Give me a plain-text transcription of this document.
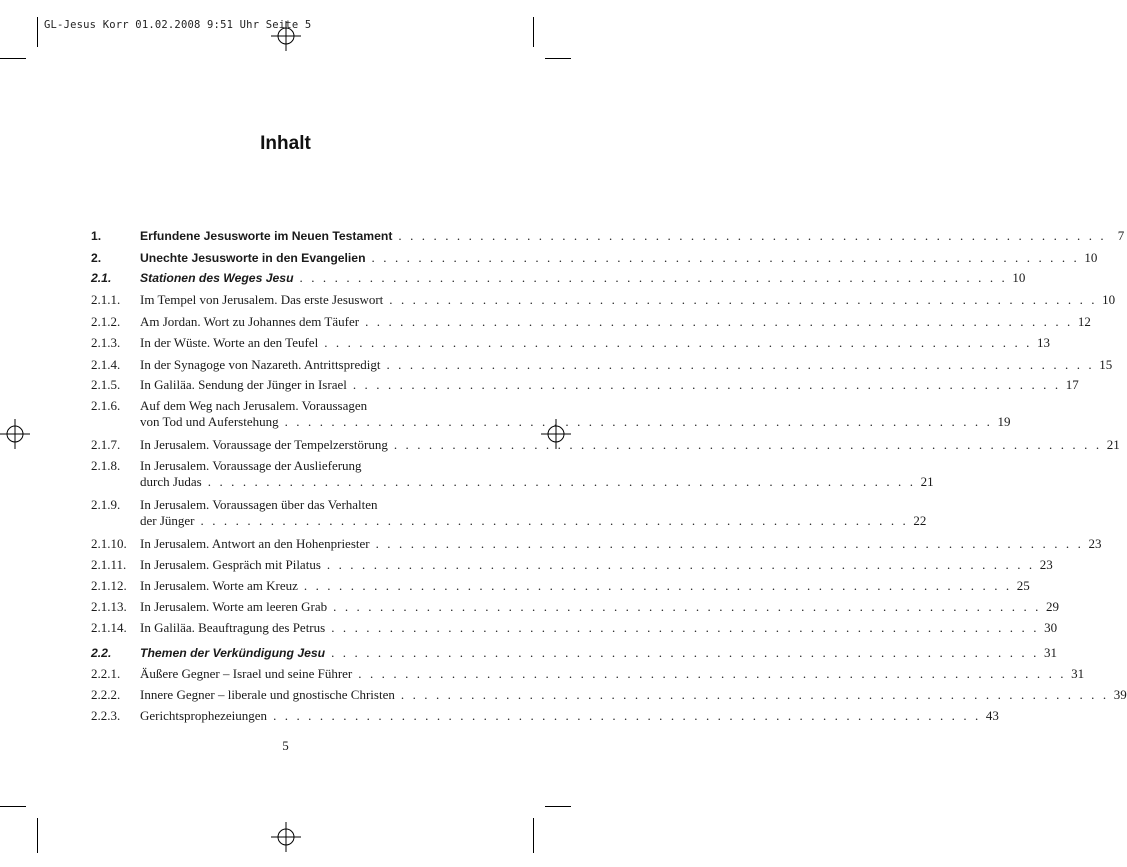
GL-Jesus Korr 01.02.2008 9:51 Uhr Seite 5
Inhalt
1.	Erfundene Jesusworte im Neuen Testament . . . . . . . . . . . . . . . . . . . . . . . . . . . . . . . . . . . . . . . . . . . . . . . . . . . . . . . . . . . . . 7
2.	Unechte Jesusworte in den Evangelien . . . . . . . . . . . . . . . . . . . . . . . . . . . . . . . . . . . . . . . . . . . . . . . . . . . . . . . . . . . . . 10
2.1.	Stationen des Weges Jesu . . . . . . . . . . . . . . . . . . . . . . . . . . . . . . . . . . . . . . . . . . . . . . . . . . . . . . . . . . . . . 10
2.1.1.	Im Tempel von Jerusalem. Das erste Jesuswort . . . . . . . . . . . . . . . . . . . . . . . . . . . . . . . . . . . . . . . . . . . . . . . . . . . . . . . . . . . . . 10
2.1.2.	Am Jordan. Wort zu Johannes dem Täufer . . . . . . . . . . . . . . . . . . . . . . . . . . . . . . . . . . . . . . . . . . . . . . . . . . . . . . . . . . . . . 12
2.1.3.	In der Wüste. Worte an den Teufel . . . . . . . . . . . . . . . . . . . . . . . . . . . . . . . . . . . . . . . . . . . . . . . . . . . . . . . . . . . . . 13
2.1.4.	In der Synagoge von Nazareth. Antrittspredigt . . . . . . . . . . . . . . . . . . . . . . . . . . . . . . . . . . . . . . . . . . . . . . . . . . . . . . . . . . . . . 15
2.1.5.	In Galiläa. Sendung der Jünger in Israel . . . . . . . . . . . . . . . . . . . . . . . . . . . . . . . . . . . . . . . . . . . . . . . . . . . . . . . . . . . . . 17
2.1.6.	Auf dem Weg nach Jerusalem. Voraussagen
von Tod und Auferstehung . . . . . . . . . . . . . . . . . . . . . . . . . . . . . . . . . . . . . . . . . . . . . . . . . . . . . . . . . . . . . 19
2.1.7.	In Jerusalem. Voraussage der Tempelzerstörung . . . . . . . . . . . . . . . . . . . . . . . . . . . . . . . . . . . . . . . . . . . . . . . . . . . . . . . . . . . . . 21
2.1.8.	In Jerusalem. Voraussage der Auslieferung
durch Judas . . . . . . . . . . . . . . . . . . . . . . . . . . . . . . . . . . . . . . . . . . . . . . . . . . . . . . . . . . . . . 21
2.1.9.	In Jerusalem. Voraussagen über das Verhalten
der Jünger . . . . . . . . . . . . . . . . . . . . . . . . . . . . . . . . . . . . . . . . . . . . . . . . . . . . . . . . . . . . . 22
2.1.10.	In Jerusalem. Antwort an den Hohenpriester . . . . . . . . . . . . . . . . . . . . . . . . . . . . . . . . . . . . . . . . . . . . . . . . . . . . . . . . . . . . . 23
2.1.11.	In Jerusalem. Gespräch mit Pilatus . . . . . . . . . . . . . . . . . . . . . . . . . . . . . . . . . . . . . . . . . . . . . . . . . . . . . . . . . . . . . 23
2.1.12.	In Jerusalem. Worte am Kreuz . . . . . . . . . . . . . . . . . . . . . . . . . . . . . . . . . . . . . . . . . . . . . . . . . . . . . . . . . . . . . 25
2.1.13.	In Jerusalem. Worte am leeren Grab . . . . . . . . . . . . . . . . . . . . . . . . . . . . . . . . . . . . . . . . . . . . . . . . . . . . . . . . . . . . . 29
2.1.14.	In Galiläa. Beauftragung des Petrus . . . . . . . . . . . . . . . . . . . . . . . . . . . . . . . . . . . . . . . . . . . . . . . . . . . . . . . . . . . . . 30
2.2.	Themen der Verkündigung Jesu . . . . . . . . . . . . . . . . . . . . . . . . . . . . . . . . . . . . . . . . . . . . . . . . . . . . . . . . . . . . . 31
2.2.1.	Äußere Gegner – Israel und seine Führer . . . . . . . . . . . . . . . . . . . . . . . . . . . . . . . . . . . . . . . . . . . . . . . . . . . . . . . . . . . . . 31
2.2.2.	Innere Gegner – liberale und gnostische Christen . . . . . . . . . . . . . . . . . . . . . . . . . . . . . . . . . . . . . . . . . . . . . . . . . . . . . . . . . . . . . 39
2.2.3.	Gerichtsprophezeiungen . . . . . . . . . . . . . . . . . . . . . . . . . . . . . . . . . . . . . . . . . . . . . . . . . . . . . . . . . . . . . 43
5
